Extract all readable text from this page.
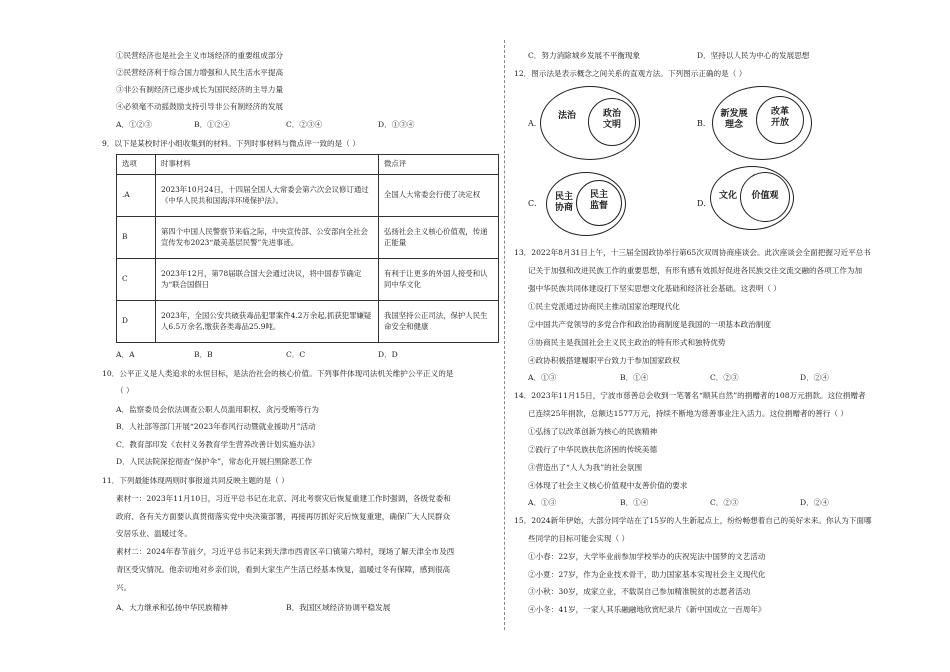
①民营经济也是社会主义市场经济的重要组成部分
②民营经济利于综合国力增强和人民生活水平提高
③非公有制经济已逐步成长为国民经济的主导力量
④必须毫不动摇鼓励支持引导非公有制经济的发展
A．①②③	B．①②④	C．②③④	D．①③④
9．以下是某校时评小组收集到的材料。下列时事材料与微点评一致的是（ ）
选项	时事材料	微点评
.A	2023年10月24日，十四届全国人大常委会第六次会议修订通过《中华人民共和国海洋环境保护法》。	全国人大常委会行使了决定权
B	第四个中国人民警察节来临之际，中央宣传部、公安部向全社会宣传发布2023“最美基层民警”先进事迹。	弘扬社会主义核心价值观，传递正能量
C	2023年12月，第78届联合国大会通过决议，将中国春节确定为“联合国假日	有利于让更多的外国人接受和认同中华文化
D	2023年，全国公安共破获毒品犯罪案件4.2万余起,抓获犯罪嫌疑人6.5万余名,缴获各类毒品25.9吨。	我国坚持公正司法，保护人民生命安全和健康
A．A	B．B	C．C	D．D
10．公平正义是人类追求的永恒目标，是法治社会的核心价值。下列事件体现司法机关维护公平正义的是
（ ）
A．监察委员会依法调查公职人员滥用职权、贪污受贿等行为
B．人社部等部门开展“2023年春风行动暨就业援助月”活动
C．教育部印发《农村义务教育学生营养改善计划实施办法》
D．人民法院深挖彻查“保护伞”，常态化开展扫黑除恶工作
11．下列最能体现两则时事报道共同反映主题的是（ ）
素材一：2023年11月10日，习近平总书记在北京、河北考察灾后恢复重建工作时强调，各级党委和
政府、各有关方面要认真贯彻落实党中央决策部署，再接再厉抓好灾后恢复重建，确保广大人民群众
安居乐业、温暖过冬。
素材二：2024年春节前夕，习近平总书记来到天津市西青区辛口镇第六埠村，现场了解天津全市及西
青区受灾情况。他亲切地对乡亲们说，看到大家生产生活已经基本恢复，温暖过冬有保障，感到很高
兴。
A．大力继承和弘扬中华民族精神	B．我国区域经济协调平稳发展
C．努力消除城乡发展不平衡现象	D．坚持以人民为中心的发展思想
12．图示法是表示概念之间关系的直观方法。下列图示正确的是（ ）
A．
法治	政治
文明	B．
新发展
理念
改革
开放
C．
民主
协商
民主
监督	D．
文化	价值观
13．2022年8月31日上午，十三届全国政协举行第65次双周协商座谈会。此次座谈会全面把握习近平总书
记关于加强和改进民族工作的重要思想，有形有感有效抓好促进各民族交往交流交融的各项工作为加
强中华民族共同体建设打下坚实思想文化基础和经济社会基础。这表明（ ）
①民主党派通过协商民主推动国家治理现代化
②中国共产党领导的多党合作和政治协商制度是我国的一项基本政治制度
③协商民主是我国社会主义民主政治的特有形式和独特优势
④政协积极搭建履职平台致力于参加国家政权
A．①③	B．①④	C．②③	D．②④
14．2023年11月15日，宁波市慈善总会收到一笔署名“顺其自然”的捐赠者的108万元捐款。这位捐赠者
已连续25年捐款，总额达1577万元，持续不断地为慈善事业注入活力。这位捐赠者的善行（ ）
①弘扬了以改革创新为核心的民族精神
②践行了中华民族扶危济困的传统美德
③营造出了“人人为我”的社会氛围
④体现了社会主义核心价值观中友善价值的要求
A．①③	B．①④	C．②③	D．②④
15．2024新年伊始，大部分同学站在了15岁的人生新起点上，纷纷畅想着自己的美好未来。你认为下面哪
些同学的目标可能会实现（ ）
①小春：22岁，大学毕业前参加学校举办的庆祝宪法中国梦的文艺活动
②小夏：27岁，作为企业技术骨干，助力国家基本实现社会主义现代化
③小秋：30岁，成家立业，不载误自己参加精准脱贫的志愿者活动
④小冬：41岁，一家人其乐融融地欣赏纪录片《新中国成立一百周年》
